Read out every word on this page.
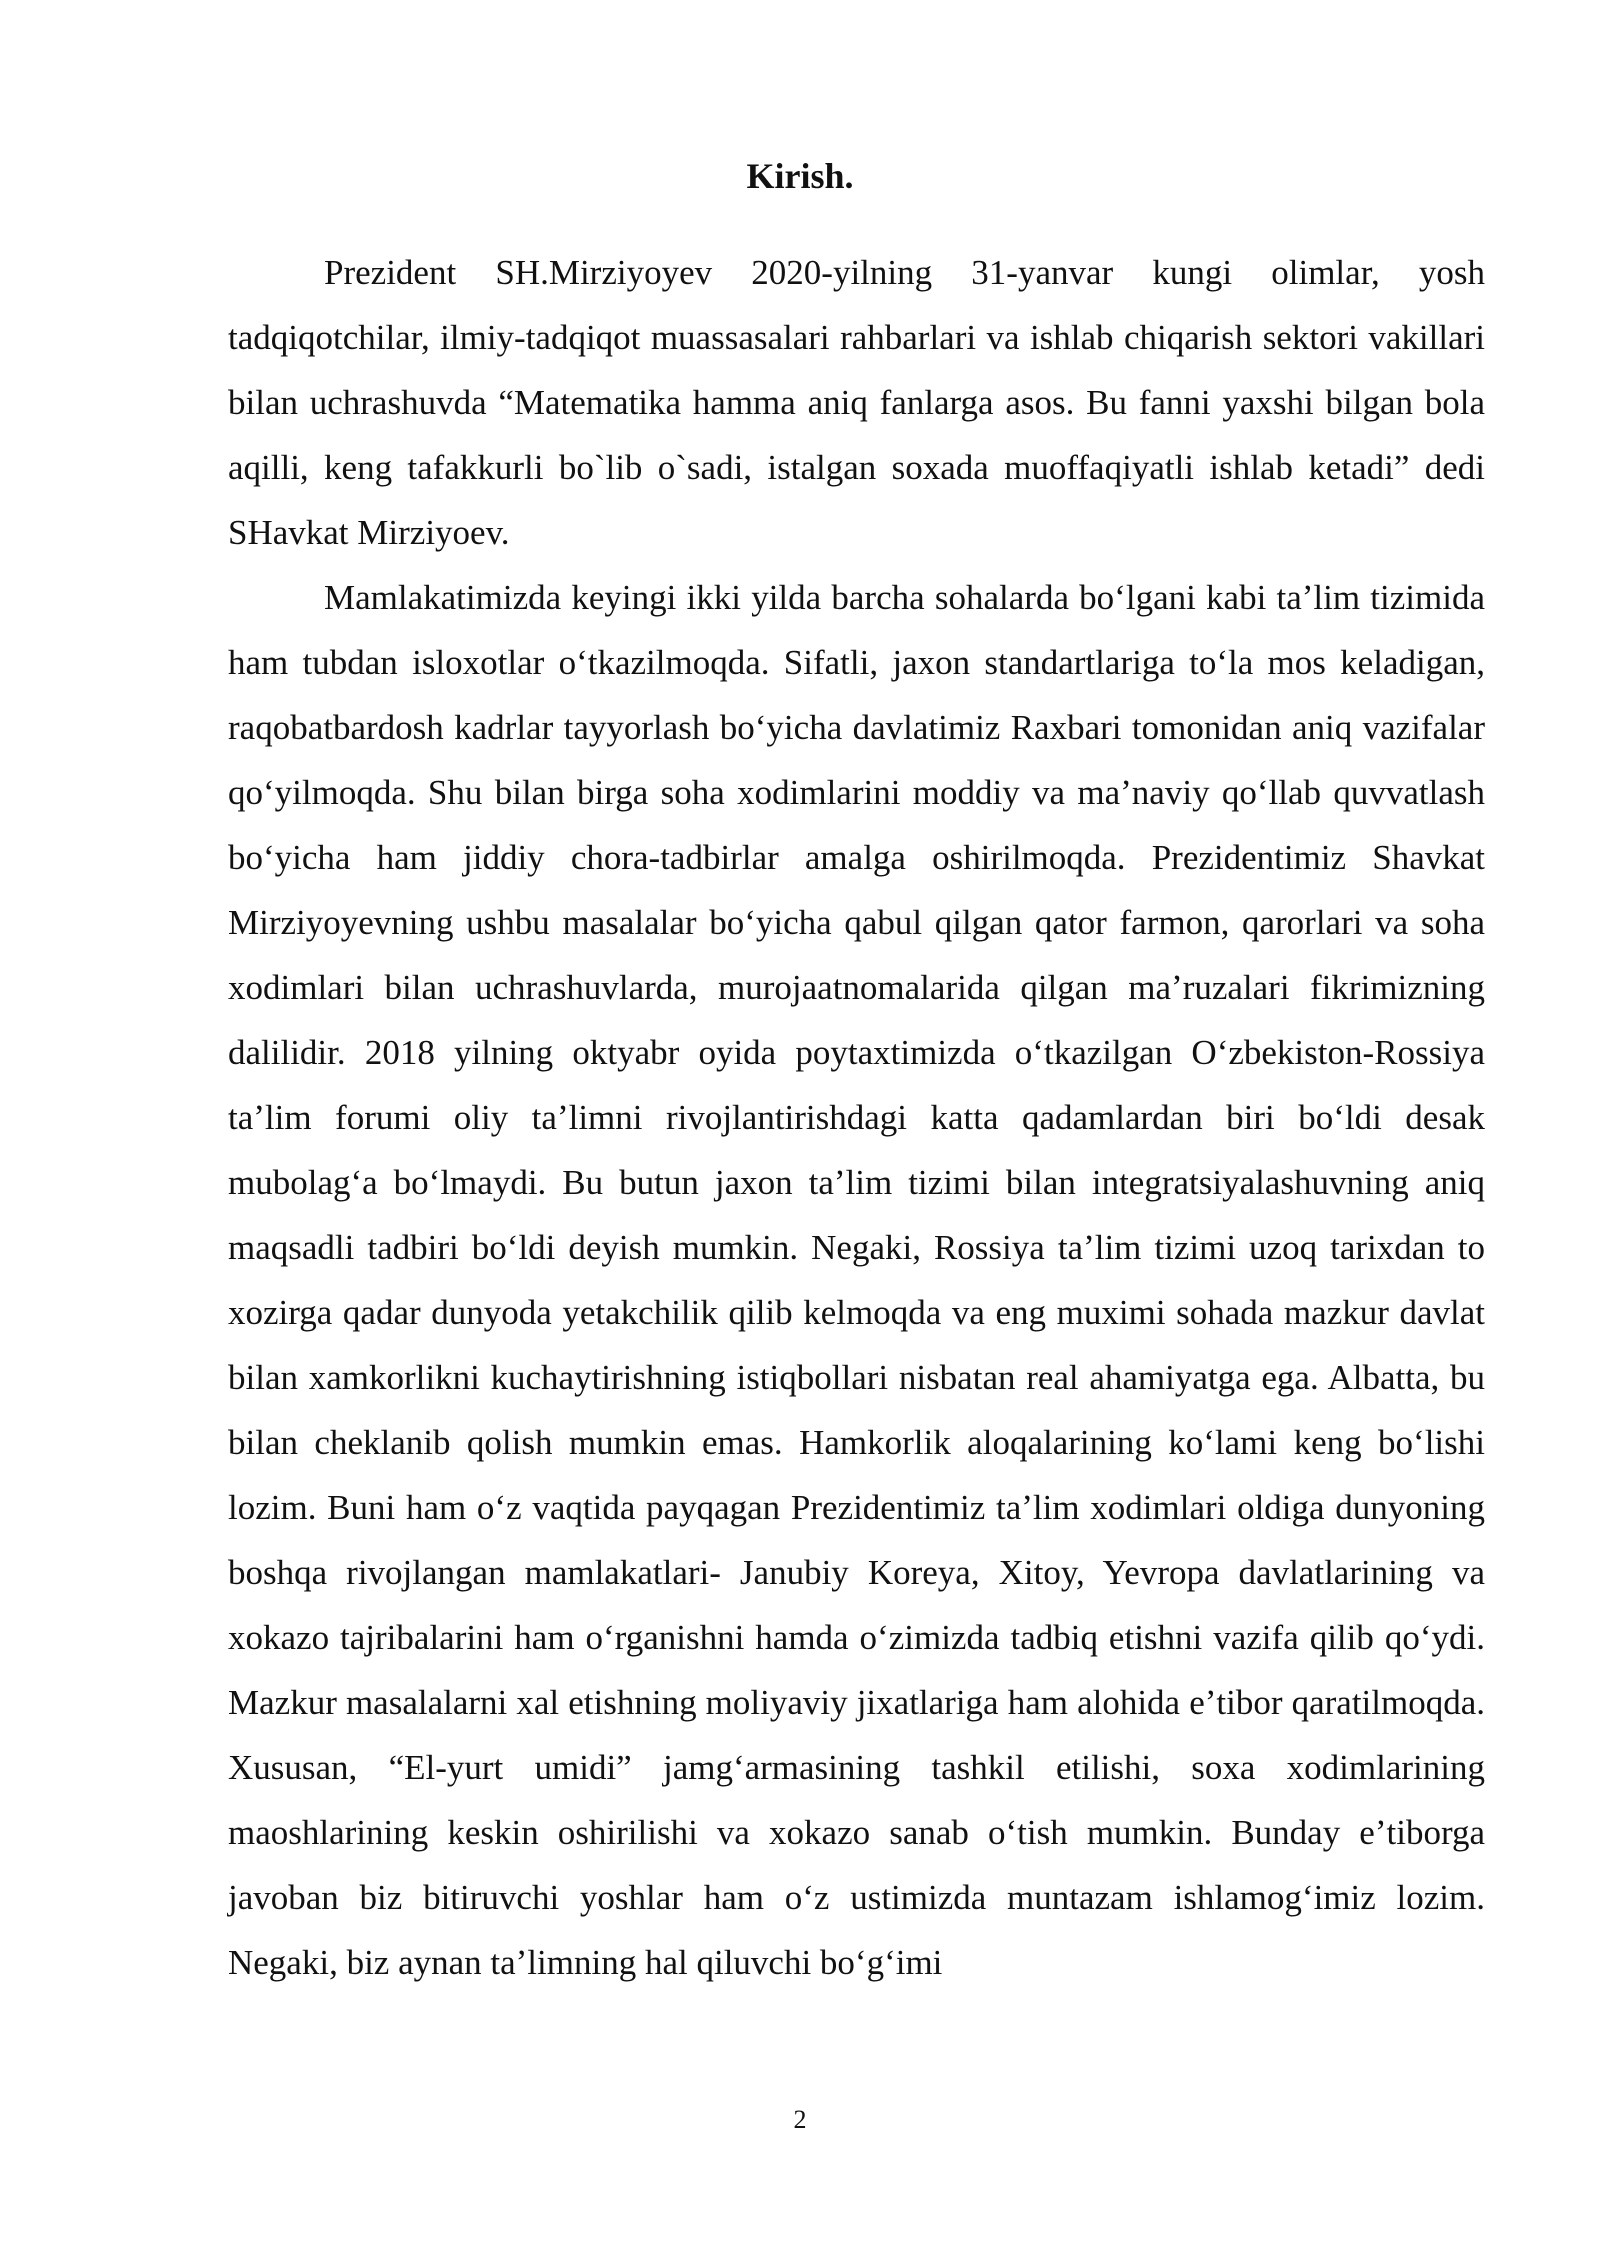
Kirish.

Prezident SH.Mirziyoyev 2020-yilning 31-yanvar kungi olimlar, yosh tadqiqotchilar, ilmiy-tadqiqot muassasalari rahbarlari va ishlab chiqarish sektori vakillari bilan uchrashuvda “Matematika hamma aniq fanlarga asos. Bu fanni yaxshi bilgan bola aqilli, keng tafakkurli bo`lib o`sadi, istalgan soxada muoffaqiyatli ishlab ketadi” dedi SHavkat Mirziyoev.

Mamlakatimizda keyingi ikki yilda barcha sohalarda boʻlgani kabi taʼlim tizimida ham tubdan isloxotlar oʻtkazilmoqda. Sifatli, jaxon standartlariga toʻla mos keladigan, raqobatbardosh kadrlar tayyorlash boʻyicha davlatimiz Raxbari tomonidan aniq vazifalar qoʻyilmoqda. Shu bilan birga soha xodimlarini moddiy va maʼnaviy qoʻllab quvvatlash boʻyicha ham jiddiy chora-tadbirlar amalga oshirilmoqda. Prezidentimiz Shavkat Mirziyoyevning ushbu masalalar boʻyicha qabul qilgan qator farmon, qarorlari va soha xodimlari bilan uchrashuvlarda, murojaatnomalarida qilgan maʼruzalari fikrimizning dalilidir. 2018 yilning oktyabr oyida poytaxtimizda oʻtkazilgan Oʻzbekiston-Rossiya taʼlim forumi oliy taʼlimni rivojlantirishdagi katta qadamlardan biri boʻldi desak mubolagʻa boʻlmaydi. Bu butun jaxon taʼlim tizimi bilan integratsiyalashuvning aniq maqsadli tadbiri boʻldi deyish mumkin. Negaki, Rossiya taʼlim tizimi uzoq tarixdan to xozirga qadar dunyoda yetakchilik qilib kelmoqda va eng muximi sohada mazkur davlat bilan xamkorlikni kuchaytirishning istiqbollari nisbatan real ahamiyatga ega. Albatta, bu bilan cheklanib qolish mumkin emas. Hamkorlik aloqalarining koʻlami keng boʻlishi lozim. Buni ham oʻz vaqtida payqagan Prezidentimiz taʼlim xodimlari oldiga dunyoning boshqa rivojlangan mamlakatlari- Janubiy Koreya, Xitoy, Yevropa davlatlarining va xokazo tajribalarini ham oʻrganishni hamda oʻzimizda tadbiq etishni vazifa qilib qoʻydi. Mazkur masalalarni xal etishning moliyaviy jixatlariga ham alohida eʼtibor qaratilmoqda. Xususan, “El-yurt umidi” jamgʻarmasining tashkil etilishi, soxa xodimlarining maoshlarining keskin oshirilishi va xokazo sanab oʻtish mumkin. Bunday eʼtiborga javoban biz bitiruvchi yoshlar ham oʻz ustimizda muntazam ishlamogʻimiz lozim. Negaki, biz aynan taʼlimning hal qiluvchi boʻgʻimi

2
